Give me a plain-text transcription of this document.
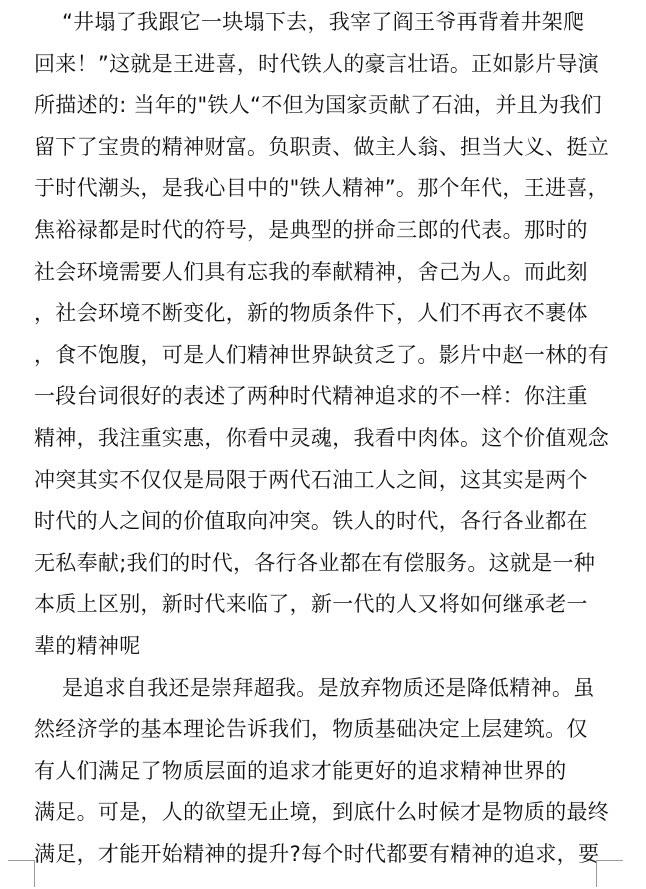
“井塌了我跟它一块塌下去，我宰了阎王爷再背着井架爬
回来！”这就是王进喜，时代铁人的豪言壮语。正如影片导演
所描述的: 当年的"铁人“不但为国家贡献了石油，并且为我们
留下了宝贵的精神财富。负职责、做主人翁、担当大义、挺立
于时代潮头，是我心目中的"铁人精神”。那个年代，王进喜，
焦裕禄都是时代的符号，是典型的拼命三郎的代表。那时的
社会环境需要人们具有忘我的奉献精神，舍己为人。而此刻
，社会环境不断变化，新的物质条件下，人们不再衣不裹体
，食不饱腹，可是人们精神世界缺贫乏了。影片中赵一林的有
一段台词很好的表述了两种时代精神追求的不一样：你注重
精神，我注重实惠，你看中灵魂，我看中肉体。这个价值观念
冲突其实不仅仅是局限于两代石油工人之间，这其实是两个
时代的人之间的价值取向冲突。铁人的时代，各行各业都在
无私奉献;我们的时代，各行各业都在有偿服务。这就是一种
本质上区别，新时代来临了，新一代的人又将如何继承老一
辈的精神呢
是追求自我还是崇拜超我。是放弃物质还是降低精神。虽
然经济学的基本理论告诉我们，物质基础决定上层建筑。仅
有人们满足了物质层面的追求才能更好的追求精神世界的
满足。可是，人的欲望无止境，到底什么时候才是物质的最终
满足，才能开始精神的提升?每个时代都要有精神的追求，要
